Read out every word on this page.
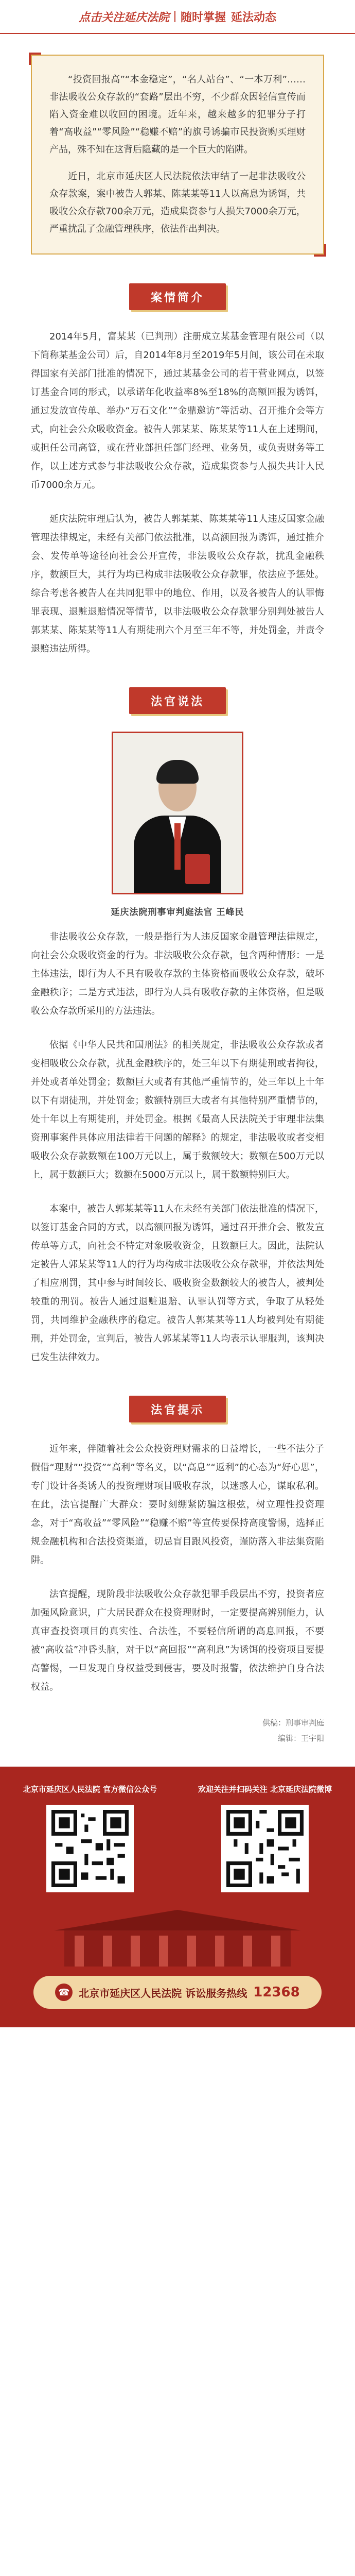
点击关注延庆法院 随时掌握 延法动态

“投资回报高”“本金稳定”，“名人站台”、“一本万利”……非法吸收公众存款的“套路”层出不穷，不少群众因轻信宣传而陷入资金难以收回的困境。近年来，越来越多的犯罪分子打着“高收益”“零风险”“稳赚不赔”的旗号诱骗市民投资购买理财产品，殊不知在这背后隐藏的是一个巨大的陷阱。

近日，北京市延庆区人民法院依法审结了一起非法吸收公众存款案，案中被告人郭某、陈某某等11人以高息为诱饵，共吸收公众存款700余万元，造成集资参与人损失7000余万元，严重扰乱了金融管理秩序，依法作出判决。

案情简介

2014年5月，富某某（已判刑）注册成立某基金管理有限公司（以下简称某基金公司）后，自2014年8月至2019年5月间，该公司在未取得国家有关部门批准的情况下，通过某基金公司的若干营业网点，以签订基金合同的形式，以承诺年化收益率8%至18%的高额回报为诱饵，通过发放宣传单、举办“万石文化”“金鼎邀访”等活动、召开推介会等方式，向社会公众吸收资金。被告人郭某某、陈某某等11人在上述期间，或担任公司高管，或在营业部担任部门经理、业务员，或负责财务等工作，以上述方式参与非法吸收公众存款，造成集资参与人损失共计人民币7000余万元。

延庆法院审理后认为，被告人郭某某、陈某某等11人违反国家金融管理法律规定，未经有关部门依法批准，以高额回报为诱饵，通过推介会、发传单等途径向社会公开宣传，非法吸收公众存款，扰乱金融秩序，数额巨大，其行为均已构成非法吸收公众存款罪，依法应予惩处。综合考虑各被告人在共同犯罪中的地位、作用，以及各被告人的认罪悔罪表现、退赃退赔情况等情节，以非法吸收公众存款罪分别判处被告人郭某某、陈某某等11人有期徒刑六个月至三年不等，并处罚金，并责令退赔违法所得。

法官说法
延庆法院刑事审判庭法官 王峰民

非法吸收公众存款，一般是指行为人违反国家金融管理法律规定，向社会公众吸收资金的行为。非法吸收公众存款，包含两种情形：一是主体违法，即行为人不具有吸收存款的主体资格而吸收公众存款，破坏金融秩序；二是方式违法，即行为人具有吸收存款的主体资格，但是吸收公众存款所采用的方法违法。

依据《中华人民共和国刑法》的相关规定，非法吸收公众存款或者变相吸收公众存款，扰乱金融秩序的，处三年以下有期徒刑或者拘役，并处或者单处罚金；数额巨大或者有其他严重情节的，处三年以上十年以下有期徒刑，并处罚金；数额特别巨大或者有其他特别严重情节的，处十年以上有期徒刑，并处罚金。根据《最高人民法院关于审理非法集资刑事案件具体应用法律若干问题的解释》的规定，非法吸收或者变相吸收公众存款数额在100万元以上，属于数额较大；数额在500万元以上，属于数额巨大；数额在5000万元以上，属于数额特别巨大。

本案中，被告人郭某某等11人在未经有关部门依法批准的情况下，以签订基金合同的方式，以高额回报为诱饵，通过召开推介会、散发宣传单等方式，向社会不特定对象吸收资金，且数额巨大。因此，法院认定被告人郭某某等11人的行为均构成非法吸收公众存款罪，并依法判处了相应刑罚，其中参与时间较长、吸收资金数额较大的被告人，被判处较重的刑罚。被告人通过退赃退赔、认罪认罚等方式，争取了从轻处罚，共同维护金融秩序的稳定。被告人郭某某等11人均被判处有期徒刑，并处罚金，宣判后，被告人郭某某等11人均表示认罪服判，该判决已发生法律效力。

法官提示

近年来，伴随着社会公众投资理财需求的日益增长，一些不法分子假借“理财”“投资”“高利”等名义，以“高息”“返利”的心态为“好心思”，专门设计各类诱人的投资理财项目吸收存款，以迷惑人心，谋取私利。在此，法官提醒广大群众：要时刻绷紧防骗这根弦，树立理性投资理念，对于“高收益”“零风险”“稳赚不赔”等宣传要保持高度警惕，选择正规金融机构和合法投资渠道，切忌盲目跟风投资，谨防落入非法集资陷阱。

法官提醒，现阶段非法吸收公众存款犯罪手段层出不穷，投资者应加强风险意识，广大居民群众在投资理财时，一定要提高辨别能力，认真审查投资项目的真实性、合法性，不要轻信所谓的高息回报，不要被“高收益”冲昏头脑，对于以“高回报”“高利息”为诱饵的投资项目要提高警惕，一旦发现自身权益受到侵害，要及时报警，依法维护自身合法权益。

供稿：刑事审判庭
编辑：王宇阳
北京市延庆区人民法院 官方微信公众号	欢迎关注并扫码关注 北京延庆法院微博
☎ 北京市延庆区人民法院 诉讼服务热线 12368
